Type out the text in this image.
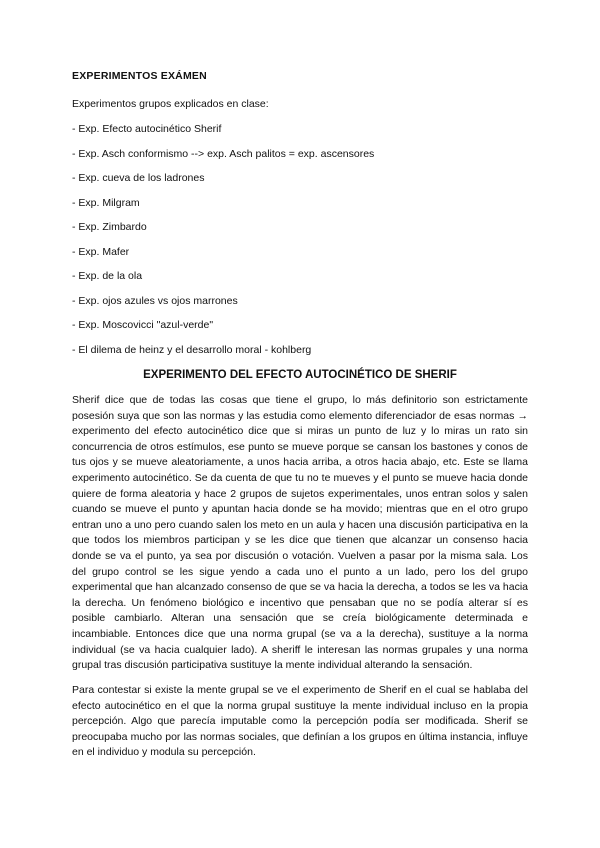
EXPERIMENTOS EXÁMEN
Experimentos grupos explicados en clase:
- Exp. Efecto autocinético Sherif
- Exp. Asch conformismo --> exp. Asch palitos = exp. ascensores
- Exp. cueva de los ladrones
- Exp. Milgram
- Exp. Zimbardo
- Exp. Mafer
- Exp. de la ola
- Exp. ojos azules vs ojos marrones
- Exp. Moscovicci "azul-verde"
- El dilema de heinz y el desarrollo moral - kohlberg
EXPERIMENTO DEL EFECTO AUTOCINÉTICO DE SHERIF

Sherif dice que de todas las cosas que tiene el grupo, lo más definitorio son estrictamente posesión suya que son las normas y las estudia como elemento diferenciador de esas normas → experimento del efecto autocinético dice que si miras un punto de luz y lo miras un rato sin concurrencia de otros estímulos, ese punto se mueve porque se cansan los bastones y conos de tus ojos y se mueve aleatoriamente, a unos hacia arriba, a otros hacia abajo, etc. Este se llama experimento autocinético. Se da cuenta de que tu no te mueves y el punto se mueve hacia donde quiere de forma aleatoria y hace 2 grupos de sujetos experimentales, unos entran solos y salen cuando se mueve el punto y apuntan hacia donde se ha movido; mientras que en el otro grupo entran uno a uno pero cuando salen los meto en un aula y hacen una discusión participativa en la que todos los miembros participan y se les dice que tienen que alcanzar un consenso hacia donde se va el punto, ya sea por discusión o votación. Vuelven a pasar por la misma sala. Los del grupo control se les sigue yendo a cada uno el punto a un lado, pero los del grupo experimental que han alcanzado consenso de que se va hacia la derecha, a todos se les va hacia la derecha. Un fenómeno biológico e incentivo que pensaban que no se podía alterar sí es posible cambiarlo. Alteran una sensación que se creía biológicamente determinada e incambiable. Entonces dice que una norma grupal (se va a la derecha), sustituye a la norma individual (se va hacia cualquier lado). A sheriff le interesan las normas grupales y una norma grupal tras discusión participativa sustituye la mente individual alterando la sensación.

Para contestar si existe la mente grupal se ve el experimento de Sherif en el cual se hablaba del efecto autocinético en el que la norma grupal sustituye la mente individual incluso en la propia percepción. Algo que parecía imputable como la percepción podía ser modificada. Sherif se preocupaba mucho por las normas sociales, que definían a los grupos en última instancia, influye en el individuo y modula su percepción.
